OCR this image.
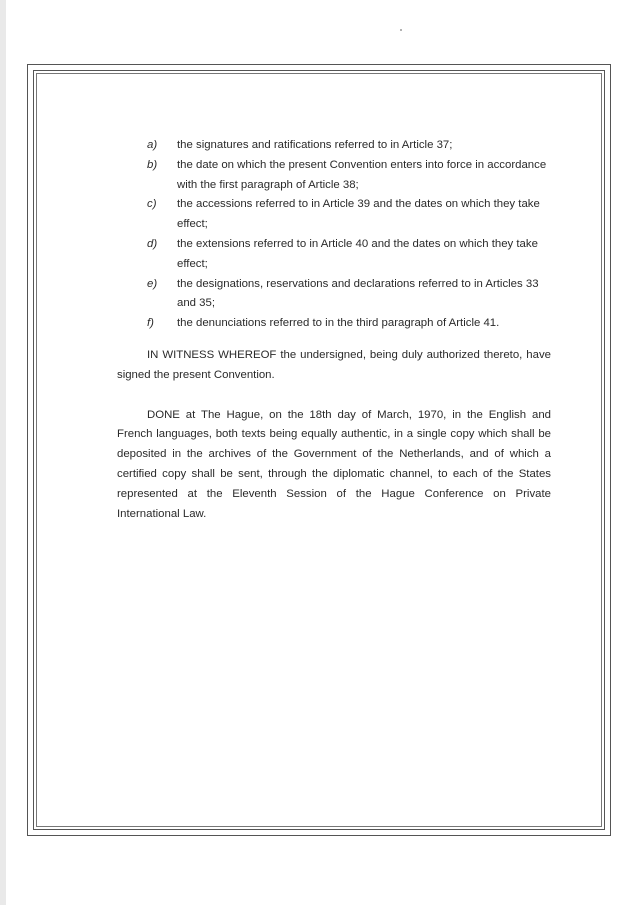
a)	the signatures and ratifications referred to in Article 37;
b)	the date on which the present Convention enters into force in accordance with the first paragraph of Article 38;
c)	the accessions referred to in Article 39 and the dates on which they take effect;
d)	the extensions referred to in Article 40 and the dates on which they take effect;
e)	the designations, reservations and declarations referred to in Articles 33 and 35;
f)	the denunciations referred to in the third paragraph of Article 41.

IN WITNESS WHEREOF the undersigned, being duly authorized thereto, have signed the present Convention.

DONE at The Hague, on the 18th day of March, 1970, in the English and French languages, both texts being equally authentic, in a single copy which shall be deposited in the archives of the Government of the Netherlands, and of which a certified copy shall be sent, through the diplomatic channel, to each of the States represented at the Eleventh Session of the Hague Conference on Private International Law.
